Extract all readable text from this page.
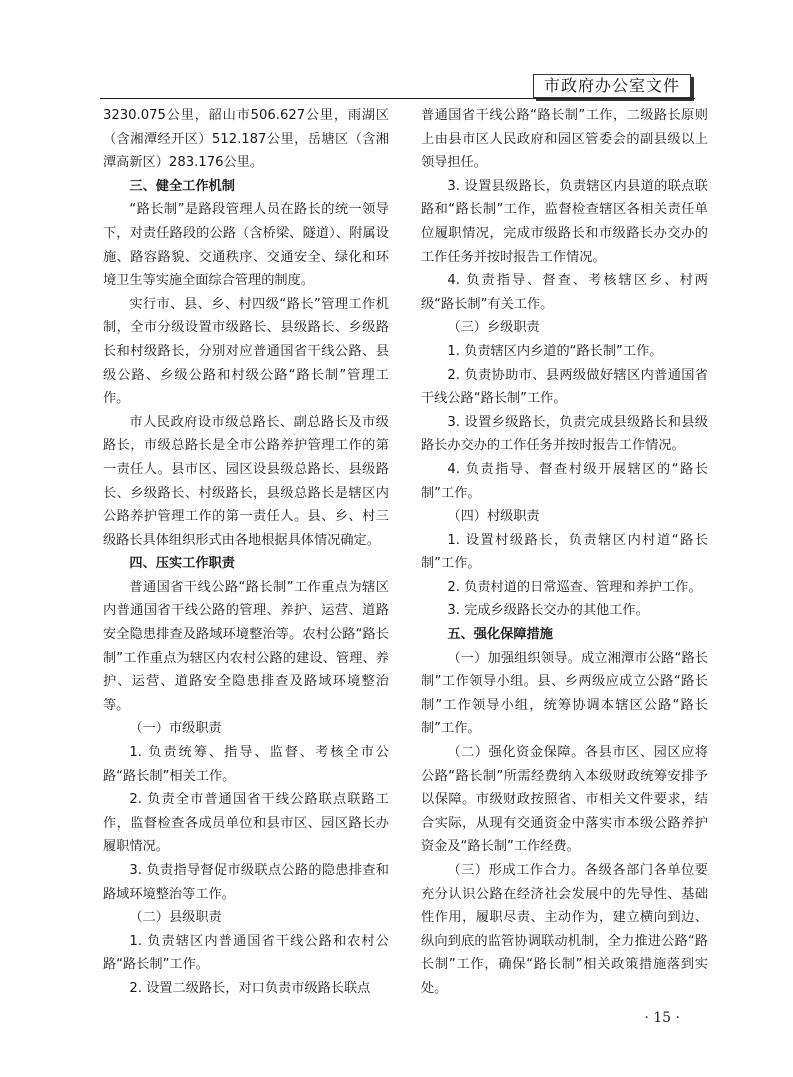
市政府办公室文件

3230.075公里，韶山市506.627公里，雨湖区（含湘潭经开区）512.187公里，岳塘区（含湘潭高新区）283.176公里。

三、健全工作机制

“路长制”是路段管理人员在路长的统一领导下，对责任路段的公路（含桥梁、隧道）、附属设施、路容路貌、交通秩序、交通安全、绿化和环境卫生等实施全面综合管理的制度。

实行市、县、乡、村四级“路长”管理工作机制，全市分级设置市级路长、县级路长、乡级路长和村级路长，分别对应普通国省干线公路、县级公路、乡级公路和村级公路“路长制”管理工作。

市人民政府设市级总路长、副总路长及市级路长，市级总路长是全市公路养护管理工作的第一责任人。县市区、园区设县级总路长、县级路长、乡级路长、村级路长，县级总路长是辖区内公路养护管理工作的第一责任人。县、乡、村三级路长具体组织形式由各地根据具体情况确定。

四、压实工作职责

普通国省干线公路“路长制”工作重点为辖区内普通国省干线公路的管理、养护、运营、道路安全隐患排查及路域环境整治等。农村公路“路长制”工作重点为辖区内农村公路的建设、管理、养护、运营、道路安全隐患排查及路域环境整治等。

（一）市级职责

1. 负责统筹、指导、监督、考核全市公路“路长制”相关工作。

2. 负责全市普通国省干线公路联点联路工作，监督检查各成员单位和县市区、园区路长办履职情况。

3. 负责指导督促市级联点公路的隐患排查和路域环境整治等工作。

（二）县级职责

1. 负责辖区内普通国省干线公路和农村公路“路长制”工作。

2. 设置二级路长，对口负责市级路长联点

普通国省干线公路“路长制”工作，二级路长原则上由县市区人民政府和园区管委会的副县级以上领导担任。

3. 设置县级路长，负责辖区内县道的联点联路和“路长制”工作，监督检查辖区各相关责任单位履职情况，完成市级路长和市级路长办交办的工作任务并按时报告工作情况。

4. 负责指导、督查、考核辖区乡、村两级“路长制”有关工作。

（三）乡级职责

1. 负责辖区内乡道的“路长制”工作。

2. 负责协助市、县两级做好辖区内普通国省干线公路“路长制”工作。

3. 设置乡级路长，负责完成县级路长和县级路长办交办的工作任务并按时报告工作情况。

4. 负责指导、督查村级开展辖区的“路长制”工作。

（四）村级职责

1. 设置村级路长，负责辖区内村道“路长制”工作。

2. 负责村道的日常巡查、管理和养护工作。

3. 完成乡级路长交办的其他工作。

五、强化保障措施

（一）加强组织领导。成立湘潭市公路“路长制”工作领导小组。县、乡两级应成立公路“路长制”工作领导小组，统筹协调本辖区公路“路长制”工作。

（二）强化资金保障。各县市区、园区应将公路“路长制”所需经费纳入本级财政统筹安排予以保障。市级财政按照省、市相关文件要求，结合实际，从现有交通资金中落实市本级公路养护资金及“路长制”工作经费。

（三）形成工作合力。各级各部门各单位要充分认识公路在经济社会发展中的先导性、基础性作用，履职尽责、主动作为，建立横向到边、纵向到底的监管协调联动机制，全力推进公路“路长制”工作，确保“路长制”相关政策措施落到实处。

· 15 ·
